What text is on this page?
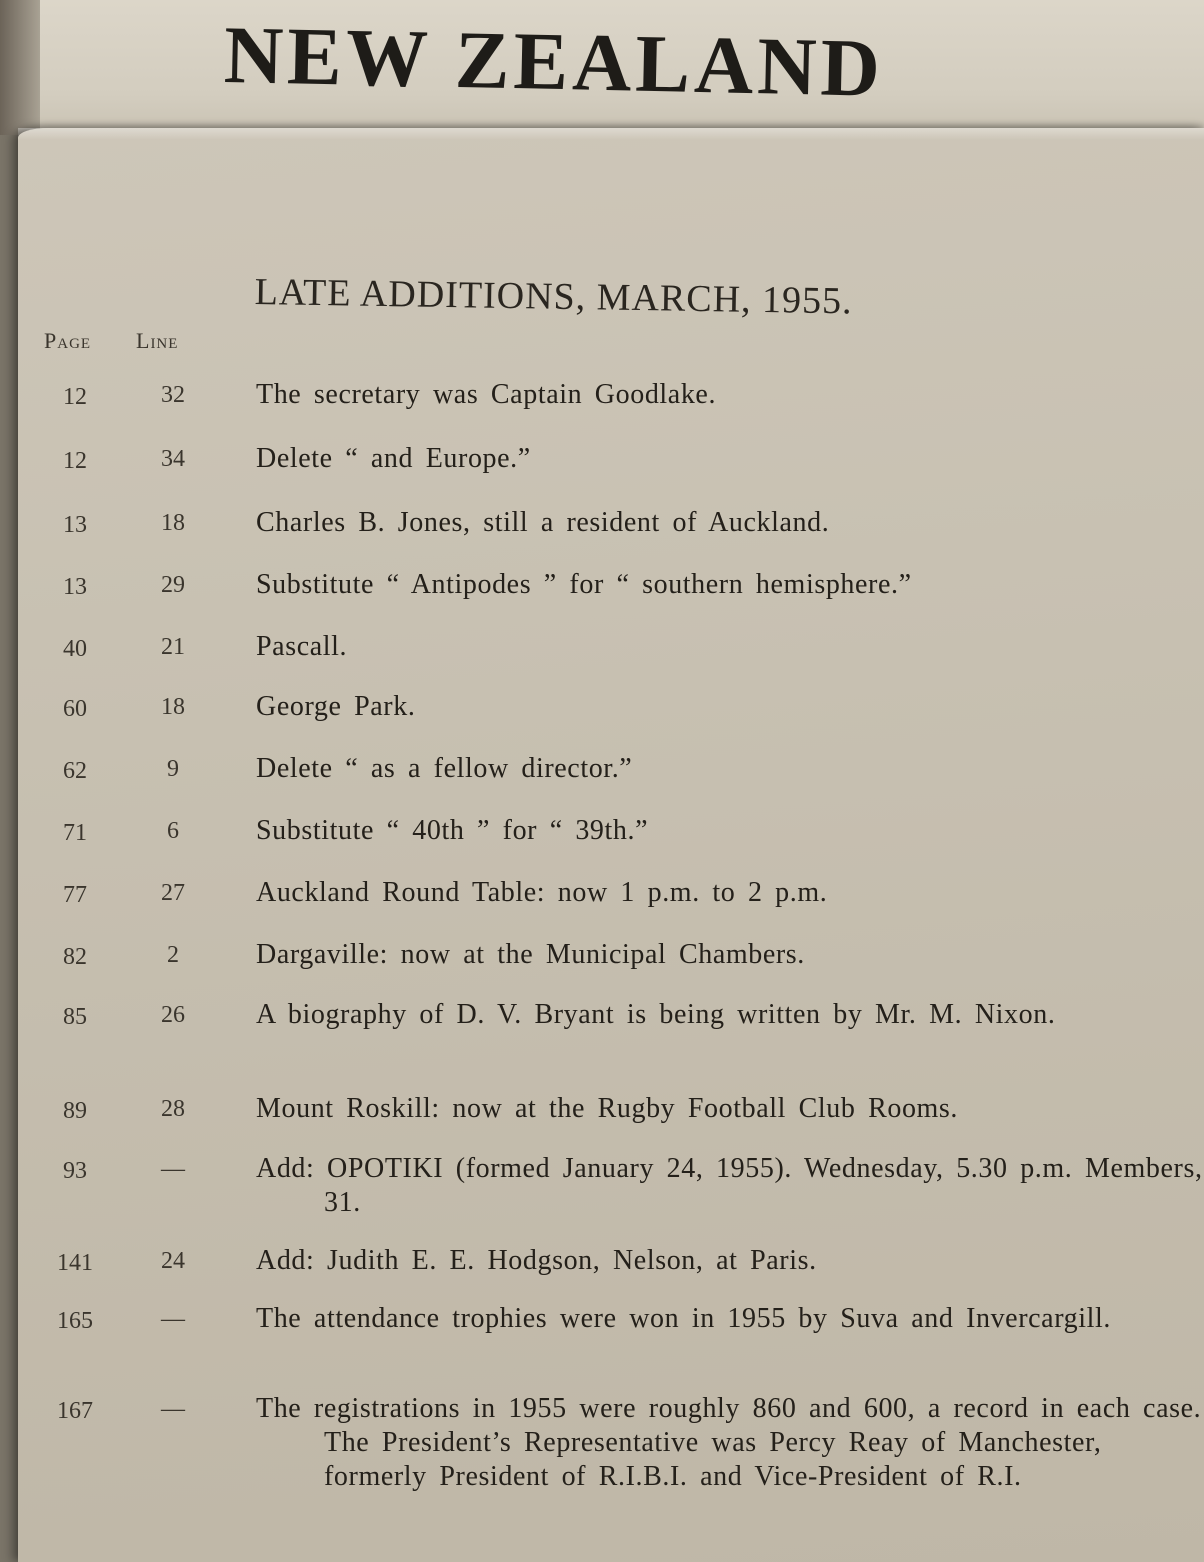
NEW ZEALAND
LATE ADDITIONS, MARCH, 1955.
Page Line
12	32	The secretary was Captain Goodlake.
12	34	Delete “ and Europe.”
13	18	Charles B. Jones, still a resident of Auckland.
13	29	Substitute “ Antipodes ” for “ southern hemisphere.”
40	21	Pascall.
60	18	George Park.
62	9	Delete “ as a fellow director.”
71	6	Substitute “ 40th ” for “ 39th.”
77	27	Auckland Round Table: now 1 p.m. to 2 p.m.
82	2	Dargaville: now at the Municipal Chambers.
85	26	A biography of D. V. Bryant is being written by Mr. M. Nixon.
89	28	Mount Roskill: now at the Rugby Football Club Rooms.
93	—	Add: OPOTIKI (formed January 24, 1955). Wednesday, 5.30 p.m. Members, 31.
141	24	Add: Judith E. E. Hodgson, Nelson, at Paris.
165	—	The attendance trophies were won in 1955 by Suva and Invercargill.
167	—	The registrations in 1955 were roughly 860 and 600, a record in each case. The President’s Representative was Percy Reay of Manchester, formerly President of R.I.B.I. and Vice-President of R.I.
